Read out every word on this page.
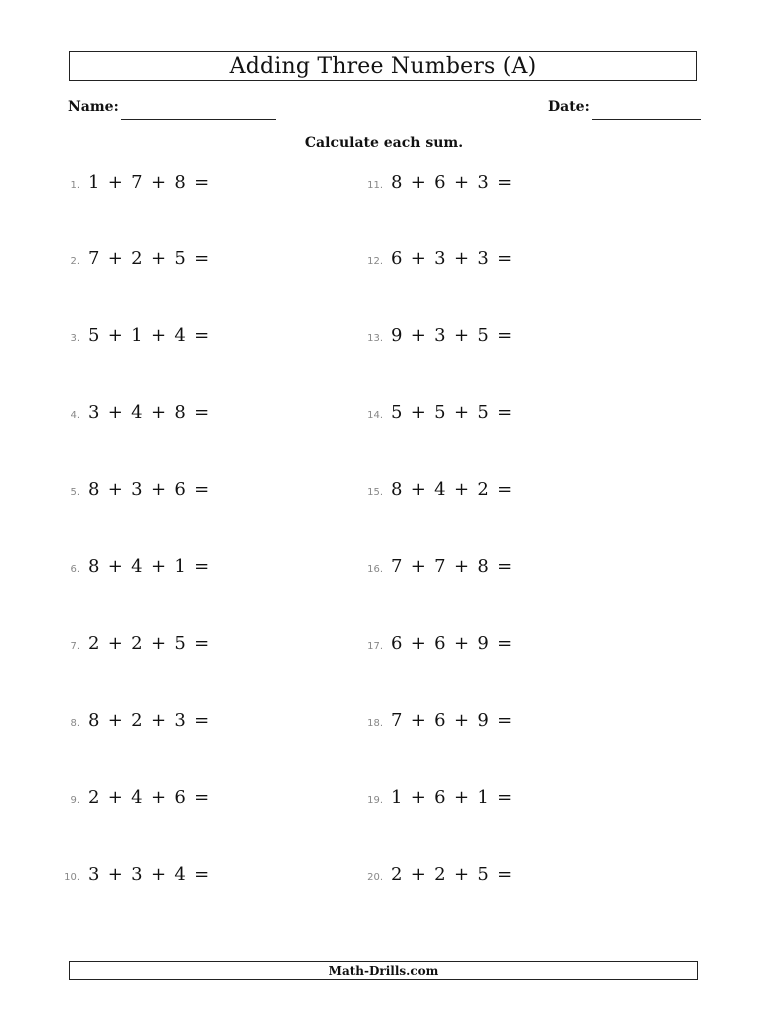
Adding Three Numbers (A)
Name:	Date:
Calculate each sum.
1. 1 + 7 + 8 =
2. 7 + 2 + 5 =
3. 5 + 1 + 4 =
4. 3 + 4 + 8 =
5. 8 + 3 + 6 =
6. 8 + 4 + 1 =
7. 2 + 2 + 5 =
8. 8 + 2 + 3 =
9. 2 + 4 + 6 =
10. 3 + 3 + 4 =
11. 8 + 6 + 3 =
12. 6 + 3 + 3 =
13. 9 + 3 + 5 =
14. 5 + 5 + 5 =
15. 8 + 4 + 2 =
16. 7 + 7 + 8 =
17. 6 + 6 + 9 =
18. 7 + 6 + 9 =
19. 1 + 6 + 1 =
20. 2 + 2 + 5 =
Math-Drills.com
